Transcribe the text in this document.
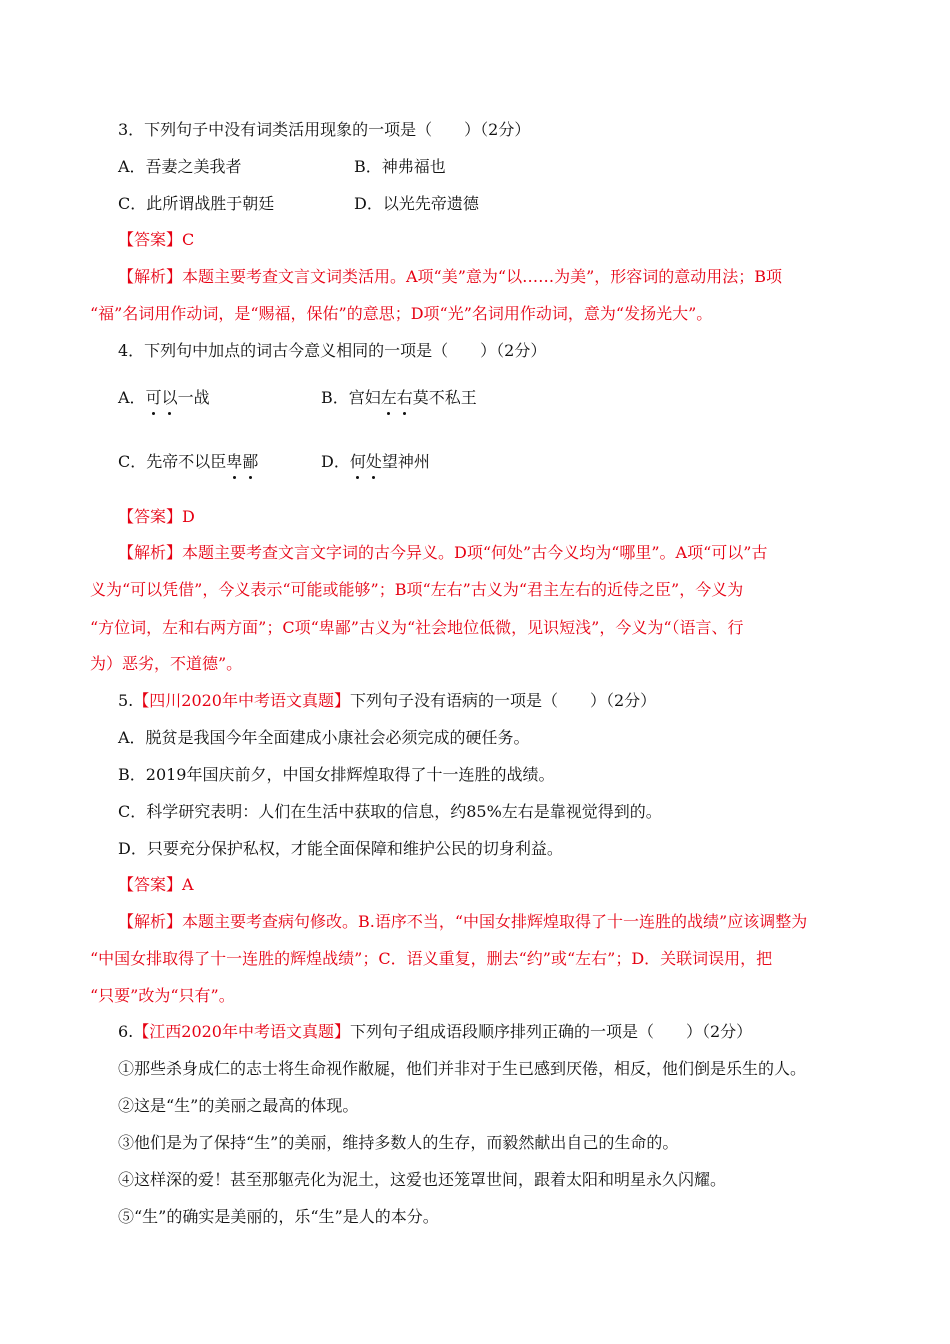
3．下列句子中没有词类活用现象的一项是（　　）（2分）
A．吾妻之美我者	B．神弗福也
C．此所谓战胜于朝廷	D．以光先帝遗德
【答案】C
【解析】本题主要考查文言文词类活用。A项“美”意为“以……为美”，形容词的意动用法；B项
“福”名词用作动词，是“赐福，保佑”的意思；D项“光”名词用作动词，意为“发扬光大”。
4．下列句中加点的词古今意义相同的一项是（　　）（2分）
A．可以一战	B．宫妇左右莫不私王
C．先帝不以臣卑鄙	D．何处望神州
【答案】D
【解析】本题主要考查文言文字词的古今异义。D项“何处”古今义均为“哪里”。A项“可以”古
义为“可以凭借”，今义表示“可能或能够”；B项“左右”古义为“君主左右的近侍之臣”，今义为
“方位词，左和右两方面”；C项“卑鄙”古义为“社会地位低微，见识短浅”，今义为“（语言、行
为）恶劣，不道德”。
5.【四川2020年中考语文真题】下列句子没有语病的一项是（　　）（2分）
A．脱贫是我国今年全面建成小康社会必须完成的硬任务。
B．2019年国庆前夕，中国女排辉煌取得了十一连胜的战绩。
C．科学研究表明：人们在生活中获取的信息，约85%左右是靠视觉得到的。
D．只要充分保护私权，才能全面保障和维护公民的切身利益。
【答案】A
【解析】本题主要考查病句修改。B.语序不当，“中国女排辉煌取得了十一连胜的战绩”应该调整为
“中国女排取得了十一连胜的辉煌战绩”；C．语义重复，删去“约”或“左右”；D．关联词误用，把
“只要”改为“只有”。
6.【江西2020年中考语文真题】下列句子组成语段顺序排列正确的一项是（　　）（2分）
①那些杀身成仁的志士将生命视作敝屣，他们并非对于生已感到厌倦，相反，他们倒是乐生的人。
②这是“生”的美丽之最高的体现。
③他们是为了保持“生”的美丽，维持多数人的生存，而毅然献出自己的生命的。
④这样深的爱！甚至那躯壳化为泥土，这爱也还笼罩世间，跟着太阳和明星永久闪耀。
⑤“生”的确实是美丽的，乐“生”是人的本分。
